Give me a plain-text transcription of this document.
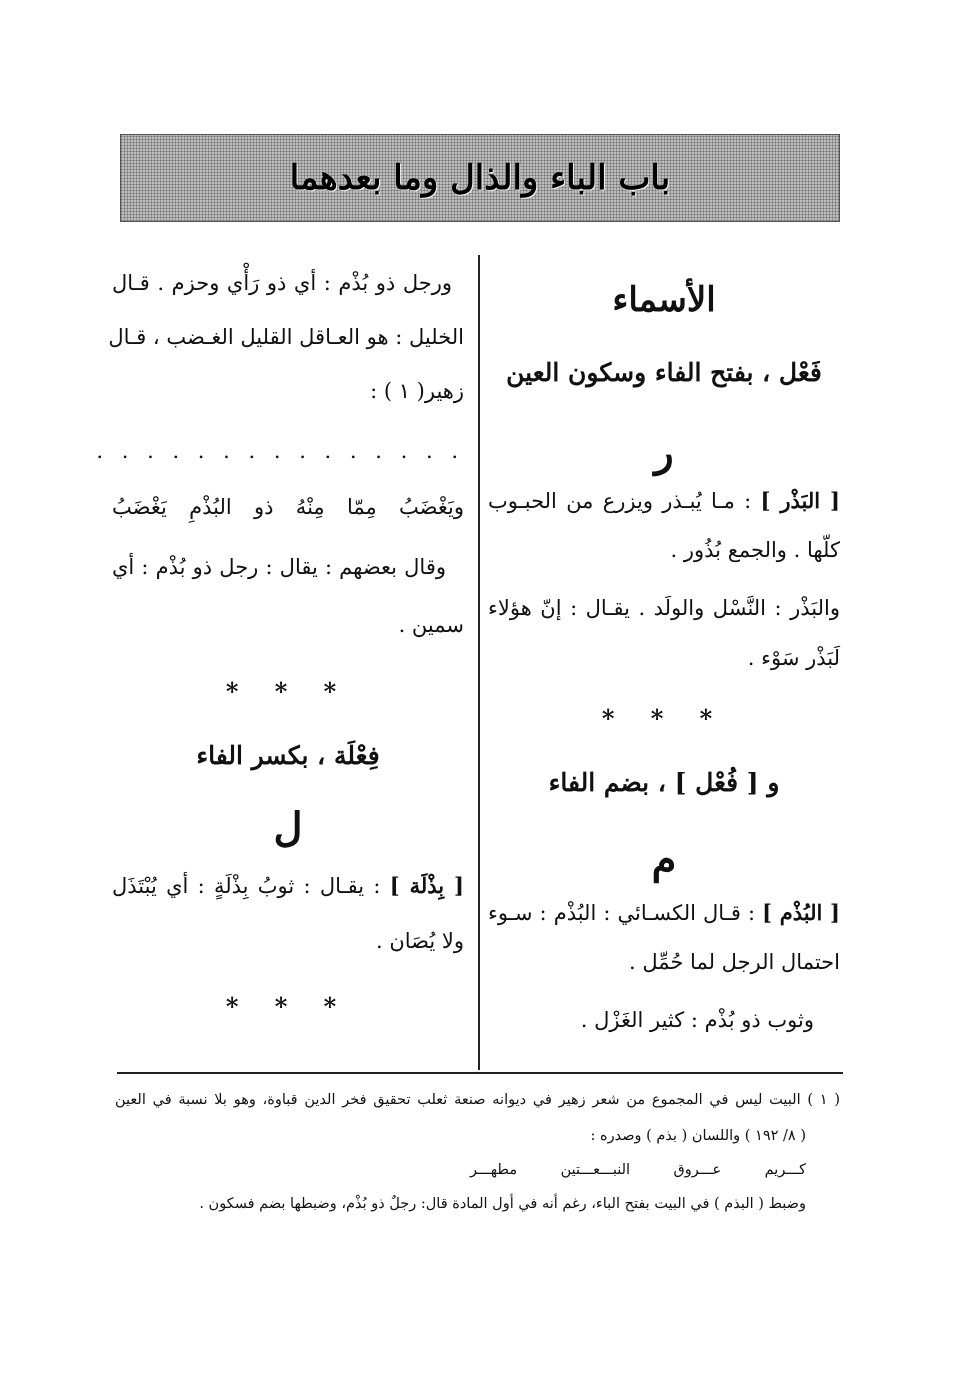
باب الباء والذال وما بعدهما
الأسماء
فَعْل ، بفتح الفاء وسكون العين
ر
[ البَذْر ] : مـا يُبـذر ويزرع من الحبـوب
كلّها . والجمع بُذُور .
والبَذْر : النَّسْل والولَد . يقـال : إنّ هؤلاء
لَبَذْر سَوْء .
* * *
و [ فُعْل ] ، بضم الفاء
م
[ البُذْم ] : قـال الكسـائي : البُذْم : سـوء
احتمال الرجل لما حُمِّل .
وثوب ذو بُذْم : كثير الغَزْل .
ورجل ذو بُذْم : أي ذو رَأْي وحزم . قـال
الخليل : هو العـاقل القليل الغـضب ، قـال
زهير( ١ ) :
. . . . . . . . . . . . . . .
ويَغْضَبُ مِمّا مِنْهُ ذو البُذْمِ يَغْضَبُ
وقال بعضهم : يقال : رجل ذو بُذْم : أي
سمين .
* * *
فِعْلَة ، بكسر الفاء
ل
[ بِذْلَة ] : يقـال : ثوبُ بِذْلَةٍ : أي يُبْتَذَل
ولا يُصَان .
* * *
( ١ ) البيت ليس في المجموع من شعر زهير في ديوانه صنعة ثعلب تحقيق فخر الدين قباوة، وهو بلا نسبة في العين
( ٨/ ١٩٢ ) واللسان ( بذم ) وصدره :
كـــريم عـــروق النبـــعـــتين مطهـــر
وضبط ( البذم ) في البيت بفتح الباء، رغم أنه في أول المادة قال: رجلٌ ذو بُذْم، وضبطها بضم فسكون .
